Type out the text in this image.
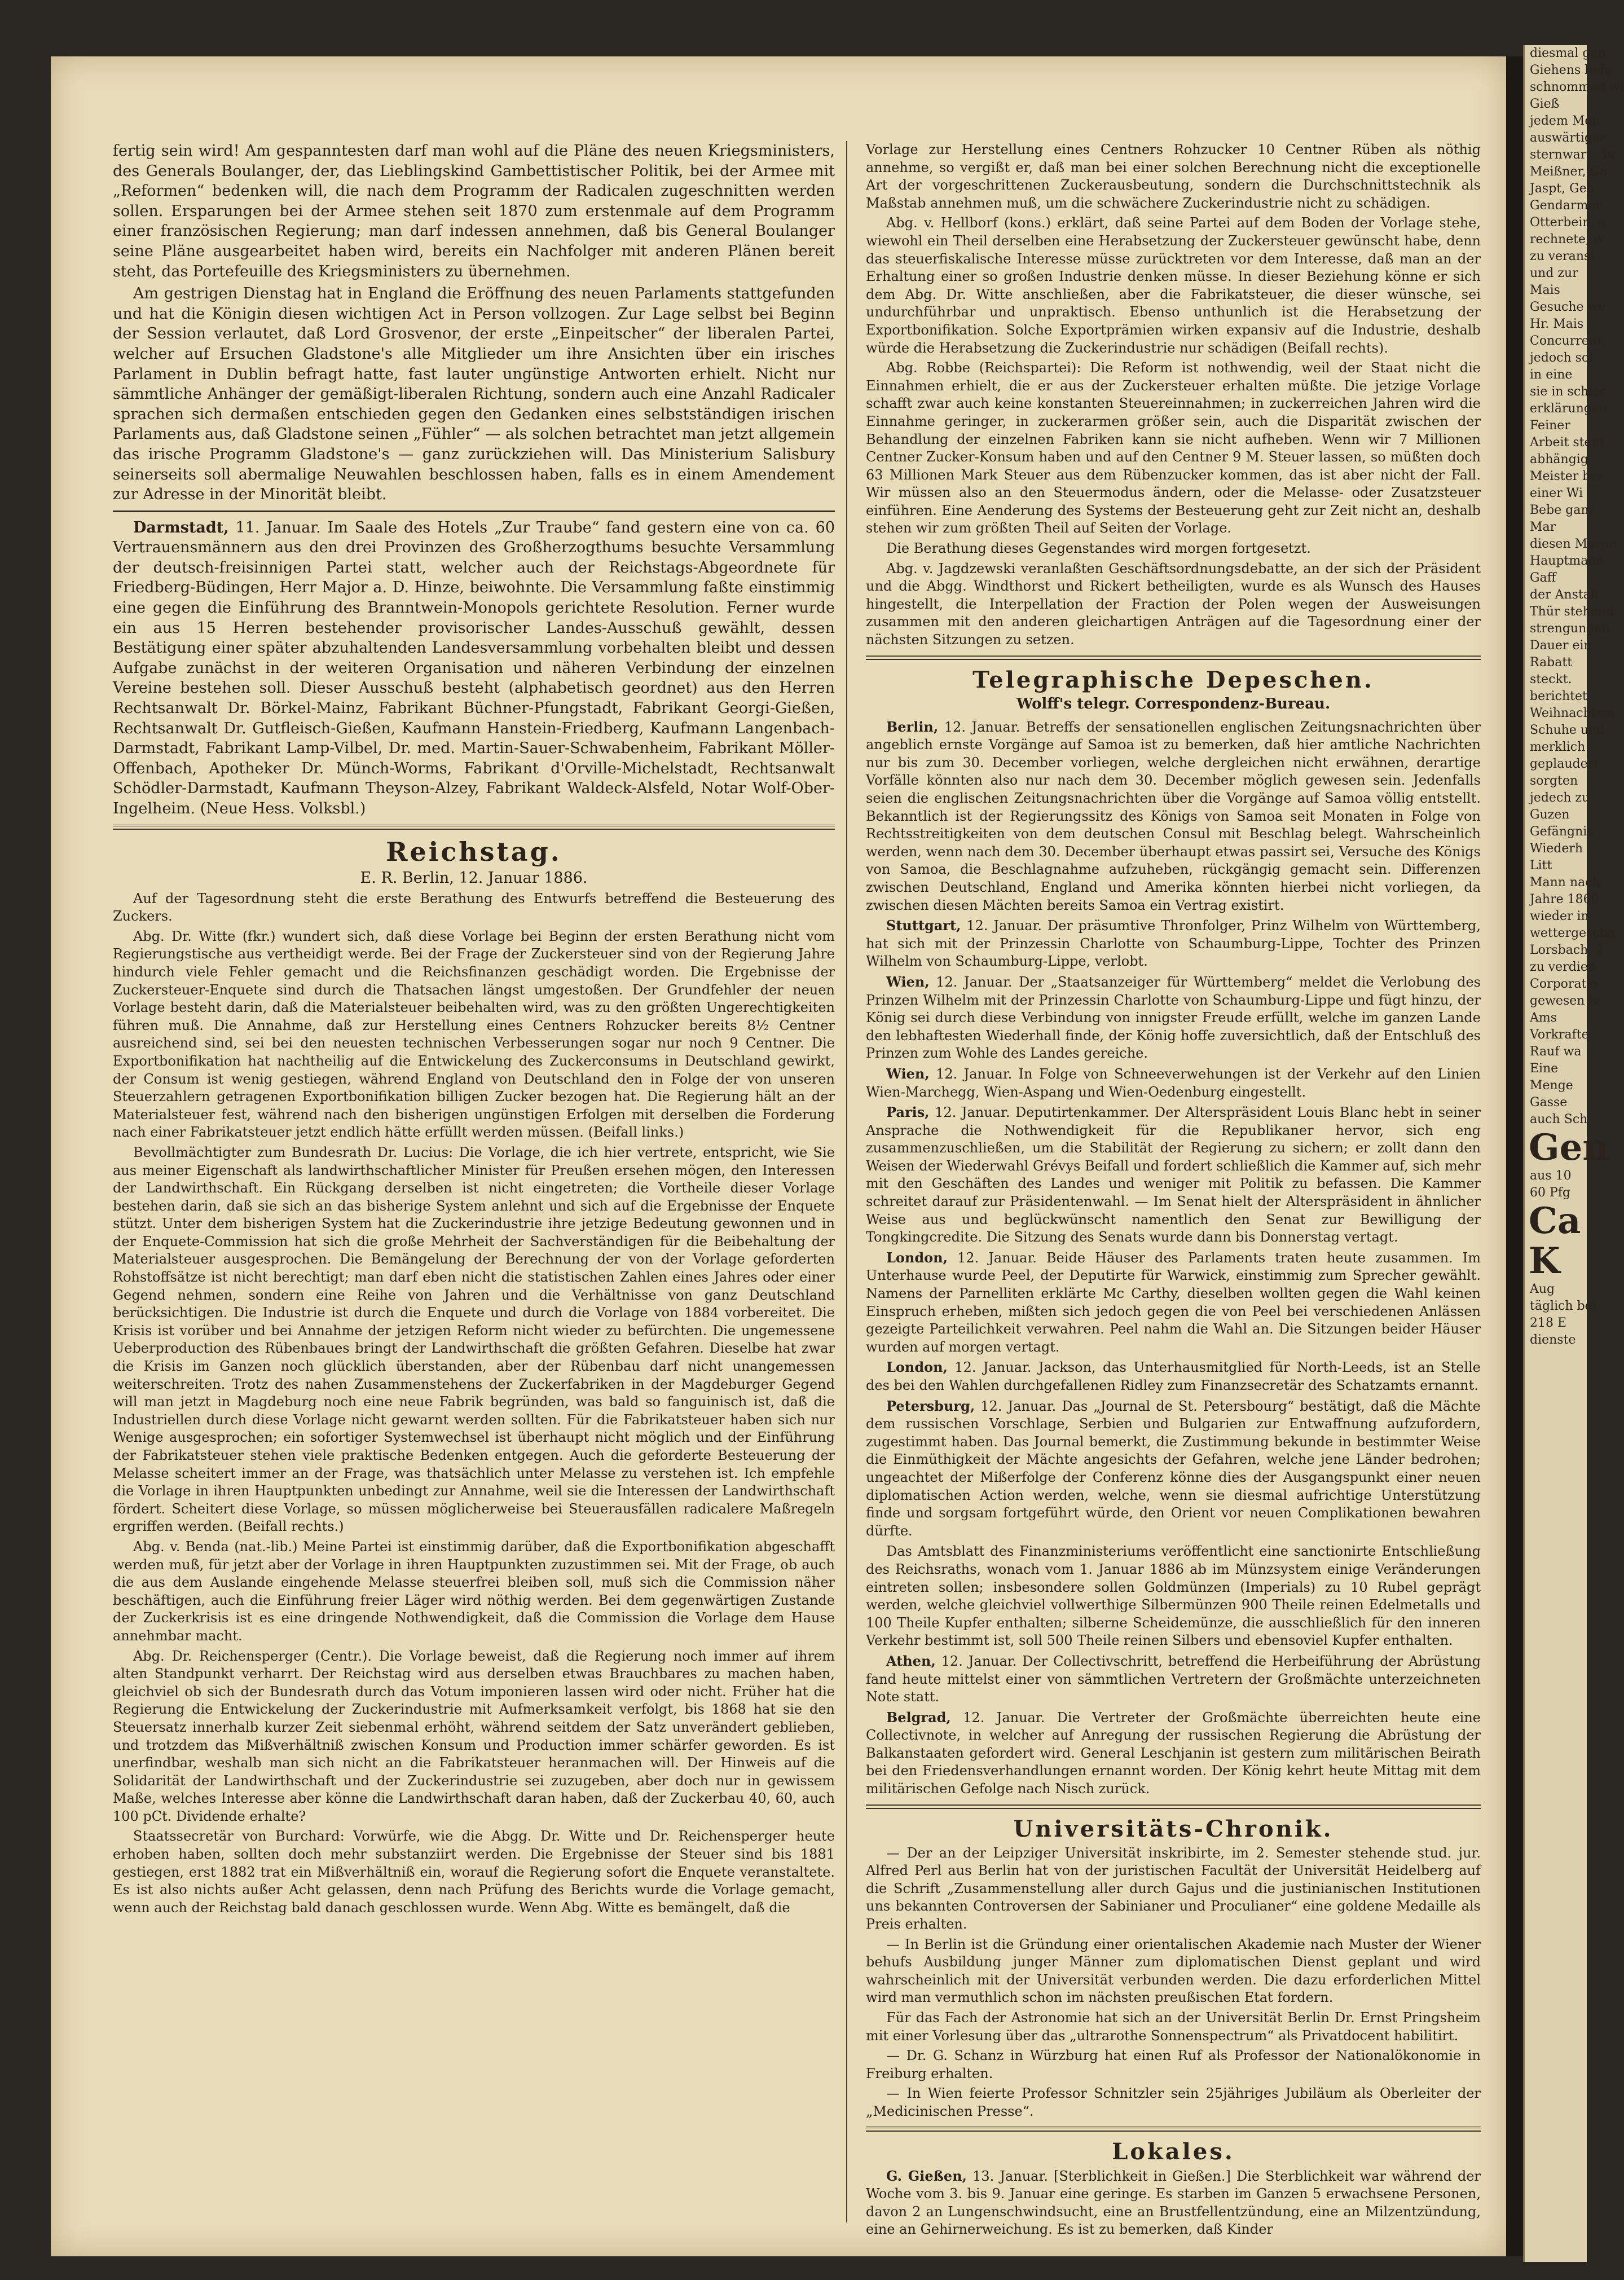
fertig sein wird! Am gespanntesten darf man wohl auf die Pläne des neuen Kriegsministers, des Generals Boulanger, der, das Lieblingskind Gambettistischer Politik, bei der Armee mit „Reformen“ bedenken will, die nach dem Programm der Radicalen zugeschnitten werden sollen. Ersparungen bei der Armee stehen seit 1870 zum erstenmale auf dem Programm einer französischen Regierung; man darf indessen annehmen, daß bis General Boulanger seine Pläne ausgearbeitet haben wird, bereits ein Nachfolger mit anderen Plänen bereit steht, das Portefeuille des Kriegsministers zu übernehmen.

Am gestrigen Dienstag hat in England die Eröffnung des neuen Parlaments stattgefunden und hat die Königin diesen wichtigen Act in Person vollzogen. Zur Lage selbst bei Beginn der Session verlautet, daß Lord Grosvenor, der erste „Einpeitscher“ der liberalen Partei, welcher auf Ersuchen Gladstone's alle Mitglieder um ihre Ansichten über ein irisches Parlament in Dublin befragt hatte, fast lauter ungünstige Antworten erhielt. Nicht nur sämmtliche Anhänger der gemäßigt-liberalen Richtung, sondern auch eine Anzahl Radicaler sprachen sich dermaßen entschieden gegen den Gedanken eines selbstständigen irischen Parlaments aus, daß Gladstone seinen „Fühler“ — als solchen betrachtet man jetzt allgemein das irische Programm Gladstone's — ganz zurückziehen will. Das Ministerium Salisbury seinerseits soll abermalige Neuwahlen beschlossen haben, falls es in einem Amendement zur Adresse in der Minorität bleibt.

Darmstadt, 11. Januar. Im Saale des Hotels „Zur Traube“ fand gestern eine von ca. 60 Vertrauensmännern aus den drei Provinzen des Großherzogthums besuchte Versammlung der deutsch-freisinnigen Partei statt, welcher auch der Reichstags-Abgeordnete für Friedberg-Büdingen, Herr Major a. D. Hinze, beiwohnte. Die Versammlung faßte einstimmig eine gegen die Einführung des Branntwein-Monopols gerichtete Resolution. Ferner wurde ein aus 15 Herren bestehender provisorischer Landes-Ausschuß gewählt, dessen Bestätigung einer später abzuhaltenden Landesversammlung vorbehalten bleibt und dessen Aufgabe zunächst in der weiteren Organisation und näheren Verbindung der einzelnen Vereine bestehen soll. Dieser Ausschuß besteht (alphabetisch geordnet) aus den Herren Rechtsanwalt Dr. Börkel-Mainz, Fabrikant Büchner-Pfungstadt, Fabrikant Georgi-Gießen, Rechtsanwalt Dr. Gutfleisch-Gießen, Kaufmann Hanstein-Friedberg, Kaufmann Langenbach-Darmstadt, Fabrikant Lamp-Vilbel, Dr. med. Martin-Sauer-Schwabenheim, Fabrikant Möller-Offenbach, Apotheker Dr. Münch-Worms, Fabrikant d'Orville-Michelstadt, Rechtsanwalt Schödler-Darmstadt, Kaufmann Theyson-Alzey, Fabrikant Waldeck-Alsfeld, Notar Wolf-Ober-Ingelheim. (Neue Hess. Volksbl.)

Reichstag.
E. R. Berlin, 12. Januar 1886.

Auf der Tagesordnung steht die erste Berathung des Entwurfs betreffend die Besteuerung des Zuckers.

Abg. Dr. Witte (fkr.) wundert sich, daß diese Vorlage bei Beginn der ersten Berathung nicht vom Regierungstische aus vertheidigt werde. Bei der Frage der Zuckersteuer sind von der Regierung Jahre hindurch viele Fehler gemacht und die Reichsfinanzen geschädigt worden. Die Ergebnisse der Zuckersteuer-Enquete sind durch die Thatsachen längst umgestoßen. Der Grundfehler der neuen Vorlage besteht darin, daß die Materialsteuer beibehalten wird, was zu den größten Ungerechtigkeiten führen muß. Die Annahme, daß zur Herstellung eines Centners Rohzucker bereits 8½ Centner ausreichend sind, sei bei den neuesten technischen Verbesserungen sogar nur noch 9 Centner. Die Exportbonifikation hat nachtheilig auf die Entwickelung des Zuckerconsums in Deutschland gewirkt, der Consum ist wenig gestiegen, während England von Deutschland den in Folge der von unseren Steuerzahlern getragenen Exportbonifikation billigen Zucker bezogen hat. Die Regierung hält an der Materialsteuer fest, während nach den bisherigen ungünstigen Erfolgen mit derselben die Forderung nach einer Fabrikatsteuer jetzt endlich hätte erfüllt werden müssen. (Beifall links.)

Bevollmächtigter zum Bundesrath Dr. Lucius: Die Vorlage, die ich hier vertrete, entspricht, wie Sie aus meiner Eigenschaft als landwirthschaftlicher Minister für Preußen ersehen mögen, den Interessen der Landwirthschaft. Ein Rückgang derselben ist nicht eingetreten; die Vortheile dieser Vorlage bestehen darin, daß sie sich an das bisherige System anlehnt und sich auf die Ergebnisse der Enquete stützt. Unter dem bisherigen System hat die Zuckerindustrie ihre jetzige Bedeutung gewonnen und in der Enquete-Commission hat sich die große Mehrheit der Sachverständigen für die Beibehaltung der Materialsteuer ausgesprochen. Die Bemängelung der Berechnung der von der Vorlage geforderten Rohstoffsätze ist nicht berechtigt; man darf eben nicht die statistischen Zahlen eines Jahres oder einer Gegend nehmen, sondern eine Reihe von Jahren und die Verhältnisse von ganz Deutschland berücksichtigen. Die Industrie ist durch die Enquete und durch die Vorlage von 1884 vorbereitet. Die Krisis ist vorüber und bei Annahme der jetzigen Reform nicht wieder zu befürchten. Die ungemessene Ueberproduction des Rübenbaues bringt der Landwirthschaft die größten Gefahren. Dieselbe hat zwar die Krisis im Ganzen noch glücklich überstanden, aber der Rübenbau darf nicht unangemessen weiterschreiten. Trotz des nahen Zusammenstehens der Zuckerfabriken in der Magdeburger Gegend will man jetzt in Magdeburg noch eine neue Fabrik begründen, was bald so fanguinisch ist, daß die Industriellen durch diese Vorlage nicht gewarnt werden sollten. Für die Fabrikatsteuer haben sich nur Wenige ausgesprochen; ein sofortiger Systemwechsel ist überhaupt nicht möglich und der Einführung der Fabrikatsteuer stehen viele praktische Bedenken entgegen. Auch die geforderte Besteuerung der Melasse scheitert immer an der Frage, was thatsächlich unter Melasse zu verstehen ist. Ich empfehle die Vorlage in ihren Hauptpunkten unbedingt zur Annahme, weil sie die Interessen der Landwirthschaft fördert. Scheitert diese Vorlage, so müssen möglicherweise bei Steuerausfällen radicalere Maßregeln ergriffen werden. (Beifall rechts.)

Abg. v. Benda (nat.-lib.) Meine Partei ist einstimmig darüber, daß die Exportbonifikation abgeschafft werden muß, für jetzt aber der Vorlage in ihren Hauptpunkten zuzustimmen sei. Mit der Frage, ob auch die aus dem Auslande eingehende Melasse steuerfrei bleiben soll, muß sich die Commission näher beschäftigen, auch die Einführung freier Läger wird nöthig werden. Bei dem gegenwärtigen Zustande der Zuckerkrisis ist es eine dringende Nothwendigkeit, daß die Commission die Vorlage dem Hause annehmbar macht.

Abg. Dr. Reichensperger (Centr.). Die Vorlage beweist, daß die Regierung noch immer auf ihrem alten Standpunkt verharrt. Der Reichstag wird aus derselben etwas Brauchbares zu machen haben, gleichviel ob sich der Bundesrath durch das Votum imponieren lassen wird oder nicht. Früher hat die Regierung die Entwickelung der Zuckerindustrie mit Aufmerksamkeit verfolgt, bis 1868 hat sie den Steuersatz innerhalb kurzer Zeit siebenmal erhöht, während seitdem der Satz unverändert geblieben, und trotzdem das Mißverhältniß zwischen Konsum und Production immer schärfer geworden. Es ist unerfindbar, weshalb man sich nicht an die Fabrikatsteuer heranmachen will. Der Hinweis auf die Solidarität der Landwirthschaft und der Zuckerindustrie sei zuzugeben, aber doch nur in gewissem Maße, welches Interesse aber könne die Landwirthschaft daran haben, daß der Zuckerbau 40, 60, auch 100 pCt. Dividende erhalte?

Staatssecretär von Burchard: Vorwürfe, wie die Abgg. Dr. Witte und Dr. Reichensperger heute erhoben haben, sollten doch mehr substanziirt werden. Die Ergebnisse der Steuer sind bis 1881 gestiegen, erst 1882 trat ein Mißverhältniß ein, worauf die Regierung sofort die Enquete veranstaltete. Es ist also nichts außer Acht gelassen, denn nach Prüfung des Berichts wurde die Vorlage gemacht, wenn auch der Reichstag bald danach geschlossen wurde. Wenn Abg. Witte es bemängelt, daß die

Vorlage zur Herstellung eines Centners Rohzucker 10 Centner Rüben als nöthig annehme, so vergißt er, daß man bei einer solchen Berechnung nicht die exceptionelle Art der vorgeschrittenen Zuckerausbeutung, sondern die Durchschnittstechnik als Maßstab annehmen muß, um die schwächere Zuckerindustrie nicht zu schädigen.

Abg. v. Hellborf (kons.) erklärt, daß seine Partei auf dem Boden der Vorlage stehe, wiewohl ein Theil derselben eine Herabsetzung der Zuckersteuer gewünscht habe, denn das steuerfiskalische Interesse müsse zurücktreten vor dem Interesse, daß man an der Erhaltung einer so großen Industrie denken müsse. In dieser Beziehung könne er sich dem Abg. Dr. Witte anschließen, aber die Fabrikatsteuer, die dieser wünsche, sei undurchführbar und unpraktisch. Ebenso unthunlich ist die Herabsetzung der Exportbonifikation. Solche Exportprämien wirken expansiv auf die Industrie, deshalb würde die Herabsetzung die Zuckerindustrie nur schädigen (Beifall rechts).

Abg. Robbe (Reichspartei): Die Reform ist nothwendig, weil der Staat nicht die Einnahmen erhielt, die er aus der Zuckersteuer erhalten müßte. Die jetzige Vorlage schafft zwar auch keine konstanten Steuereinnahmen; in zuckerreichen Jahren wird die Einnahme geringer, in zuckerarmen größer sein, auch die Disparität zwischen der Behandlung der einzelnen Fabriken kann sie nicht aufheben. Wenn wir 7 Millionen Centner Zucker-Konsum haben und auf den Centner 9 M. Steuer lassen, so müßten doch 63 Millionen Mark Steuer aus dem Rübenzucker kommen, das ist aber nicht der Fall. Wir müssen also an den Steuermodus ändern, oder die Melasse- oder Zusatzsteuer einführen. Eine Aenderung des Systems der Besteuerung geht zur Zeit nicht an, deshalb stehen wir zum größten Theil auf Seiten der Vorlage.

Die Berathung dieses Gegenstandes wird morgen fortgesetzt.

Abg. v. Jagdzewski veranlaßten Geschäftsordnungsdebatte, an der sich der Präsident und die Abgg. Windthorst und Rickert betheiligten, wurde es als Wunsch des Hauses hingestellt, die Interpellation der Fraction der Polen wegen der Ausweisungen zusammen mit den anderen gleichartigen Anträgen auf die Tagesordnung einer der nächsten Sitzungen zu setzen.

Telegraphische Depeschen.
Wolff's telegr. Correspondenz-Bureau.

Berlin, 12. Januar. Betreffs der sensationellen englischen Zeitungsnachrichten über angeblich ernste Vorgänge auf Samoa ist zu bemerken, daß hier amtliche Nachrichten nur bis zum 30. December vorliegen, welche dergleichen nicht erwähnen, derartige Vorfälle könnten also nur nach dem 30. December möglich gewesen sein. Jedenfalls seien die englischen Zeitungsnachrichten über die Vorgänge auf Samoa völlig entstellt. Bekanntlich ist der Regierungssitz des Königs von Samoa seit Monaten in Folge von Rechtsstreitigkeiten von dem deutschen Consul mit Beschlag belegt. Wahrscheinlich werden, wenn nach dem 30. December überhaupt etwas passirt sei, Versuche des Königs von Samoa, die Beschlagnahme aufzuheben, rückgängig gemacht sein. Differenzen zwischen Deutschland, England und Amerika könnten hierbei nicht vorliegen, da zwischen diesen Mächten bereits Samoa ein Vertrag existirt.

Stuttgart, 12. Januar. Der präsumtive Thronfolger, Prinz Wilhelm von Württemberg, hat sich mit der Prinzessin Charlotte von Schaumburg-Lippe, Tochter des Prinzen Wilhelm von Schaumburg-Lippe, verlobt.

Wien, 12. Januar. Der „Staatsanzeiger für Württemberg“ meldet die Verlobung des Prinzen Wilhelm mit der Prinzessin Charlotte von Schaumburg-Lippe und fügt hinzu, der König sei durch diese Verbindung von innigster Freude erfüllt, welche im ganzen Lande den lebhaftesten Wiederhall finde, der König hoffe zuversichtlich, daß der Entschluß des Prinzen zum Wohle des Landes gereiche.

Wien, 12. Januar. In Folge von Schneeverwehungen ist der Verkehr auf den Linien Wien-Marchegg, Wien-Aspang und Wien-Oedenburg eingestellt.

Paris, 12. Januar. Deputirtenkammer. Der Alterspräsident Louis Blanc hebt in seiner Ansprache die Nothwendigkeit für die Republikaner hervor, sich eng zusammenzuschließen, um die Stabilität der Regierung zu sichern; er zollt dann den Weisen der Wiederwahl Grévys Beifall und fordert schließlich die Kammer auf, sich mehr mit den Geschäften des Landes und weniger mit Politik zu befassen. Die Kammer schreitet darauf zur Präsidentenwahl. — Im Senat hielt der Alterspräsident in ähnlicher Weise aus und beglückwünscht namentlich den Senat zur Bewilligung der Tongkingcredite. Die Sitzung des Senats wurde dann bis Donnerstag vertagt.

London, 12. Januar. Beide Häuser des Parlaments traten heute zusammen. Im Unterhause wurde Peel, der Deputirte für Warwick, einstimmig zum Sprecher gewählt. Namens der Parnelliten erklärte Mc Carthy, dieselben wollten gegen die Wahl keinen Einspruch erheben, mißten sich jedoch gegen die von Peel bei verschiedenen Anlässen gezeigte Parteilichkeit verwahren. Peel nahm die Wahl an. Die Sitzungen beider Häuser wurden auf morgen vertagt.

London, 12. Januar. Jackson, das Unterhausmitglied für North-Leeds, ist an Stelle des bei den Wahlen durchgefallenen Ridley zum Finanzsecretär des Schatzamts ernannt.

Petersburg, 12. Januar. Das „Journal de St. Petersbourg“ bestätigt, daß die Mächte dem russischen Vorschlage, Serbien und Bulgarien zur Entwaffnung aufzufordern, zugestimmt haben. Das Journal bemerkt, die Zustimmung bekunde in bestimmter Weise die Einmüthigkeit der Mächte angesichts der Gefahren, welche jene Länder bedrohen; ungeachtet der Mißerfolge der Conferenz könne dies der Ausgangspunkt einer neuen diplomatischen Action werden, welche, wenn sie diesmal aufrichtige Unterstützung finde und sorgsam fortgeführt würde, den Orient vor neuen Complikationen bewahren dürfte.

Das Amtsblatt des Finanzministeriums veröffentlicht eine sanctionirte Entschließung des Reichsraths, wonach vom 1. Januar 1886 ab im Münzsystem einige Veränderungen eintreten sollen; insbesondere sollen Goldmünzen (Imperials) zu 10 Rubel geprägt werden, welche gleichviel vollwerthige Silbermünzen 900 Theile reinen Edelmetalls und 100 Theile Kupfer enthalten; silberne Scheidemünze, die ausschließlich für den inneren Verkehr bestimmt ist, soll 500 Theile reinen Silbers und ebensoviel Kupfer enthalten.

Athen, 12. Januar. Der Collectivschritt, betreffend die Herbeiführung der Abrüstung fand heute mittelst einer von sämmtlichen Vertretern der Großmächte unterzeichneten Note statt.

Belgrad, 12. Januar. Die Vertreter der Großmächte überreichten heute eine Collectivnote, in welcher auf Anregung der russischen Regierung die Abrüstung der Balkanstaaten gefordert wird. General Leschjanin ist gestern zum militärischen Beirath bei den Friedensverhandlungen ernannt worden. Der König kehrt heute Mittag mit dem militärischen Gefolge nach Nisch zurück.

Universitäts-Chronik.

— Der an der Leipziger Universität inskribirte, im 2. Semester stehende stud. jur. Alfred Perl aus Berlin hat von der juristischen Facultät der Universität Heidelberg auf die Schrift „Zusammenstellung aller durch Gajus und die justinianischen Institutionen uns bekannten Controversen der Sabinianer und Proculianer“ eine goldene Medaille als Preis erhalten.

— In Berlin ist die Gründung einer orientalischen Akademie nach Muster der Wiener behufs Ausbildung junger Männer zum diplomatischen Dienst geplant und wird wahrscheinlich mit der Universität verbunden werden. Die dazu erforderlichen Mittel wird man vermuthlich schon im nächsten preußischen Etat fordern.

Für das Fach der Astronomie hat sich an der Universität Berlin Dr. Ernst Pringsheim mit einer Vorlesung über das „ultrarothe Sonnenspectrum“ als Privatdocent habilitirt.

— Dr. G. Schanz in Würzburg hat einen Ruf als Professor der Nationalökonomie in Freiburg erhalten.

— In Wien feierte Professor Schnitzler sein 25jähriges Jubiläum als Oberleiter der „Medicinischen Presse“.

Lokales.

G. Gießen, 13. Januar. [Sterblichkeit in Gießen.] Die Sterblichkeit war während der Woche vom 3. bis 9. Januar eine geringe. Es starben im Ganzen 5 erwachsene Personen, davon 2 an Lungenschwindsucht, eine an Brustfellentzündung, eine an Milzentzündung, eine an Gehirnerweichung. Es ist zu bemerken, daß Kinder

diesmal gan
Giehens befa
schnommen wi
Gieß
jedem Mon
auswärtiger
sternwart, 3u
Meißner, Ga
Jaspt, Geh
Gendarmer
Otterbein, a
rechnete, w
zu veranst
und zur
Mais
Gesuche we
Hr. Mais
Concurrent,
jedoch sol
in eine
sie in schlec
erklärungen
Feiner
Arbeit steht
abhängig
Meister bes
einer Wi
Bebe ganz
Mar
diesen Morge
Hauptmann
Gaff
der Anstalt
Thür stehend
strengungen
Dauer ein
Rabatt
steckt.
berichtet
Weihnachtsm
Schuhe und
merklich
geplaudert
sorgten
jedech zu
Guzen
Gefängnis
Wiederh
Litt
Mann nach
Jahre 1860
wieder in
wettergeschä
Lorsbach, 2
zu verdien
Corporatio
gewesen fe
Ams
Vorkrafte
Rauf wa
Eine
Menge
Gasse
auch Sch
Gen
aus 10
60 Pfg
Ca
K
Aug
täglich bei
218 E
dienste
